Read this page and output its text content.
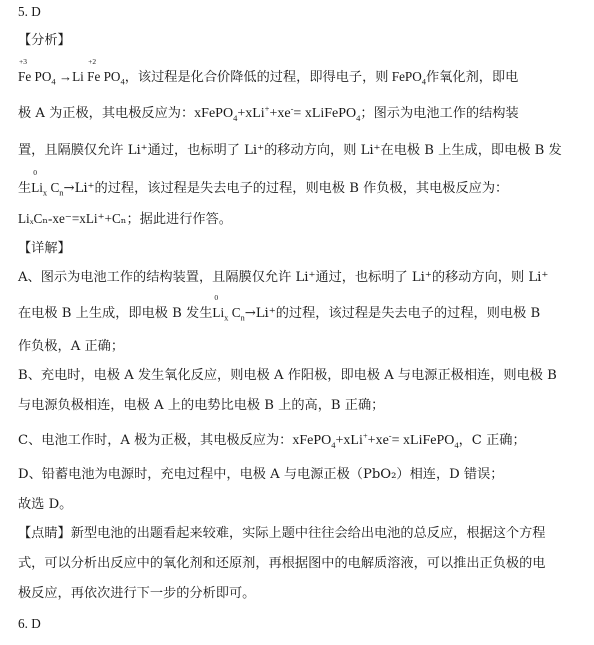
5. D
【分析】
+3
Fe $PO_4 \to Li$
+2
Fe $PO_4$，该过程是化合价降低的过程，即得电子，则 FePO$_4$作氧化剂，即电
极 A 为正极，其电极反应为：xFePO$_4$+xLi++xe-= xLiFePO$_4$；图示为电池工作的结构装
置，且隔膜仅允许 Li⁺通过，也标明了 Li⁺的移动方向，则 Li⁺在电极 B 上生成，即电极 B 发
生
0
$Li_x$ $C_n\to Li^+$的过程，该过程是失去电子的过程，则电极 B 作负极，其电极反应为：
LiₓCₙ-xe⁻=xLi⁺+Cₙ；据此进行作答。
【详解】
A、图示为电池工作的结构装置，且隔膜仅允许 Li⁺通过，也标明了 Li⁺的移动方向，则 Li⁺
在电极 B 上生成，即电极 B 发生
0
$Li_x$ $C_n\to Li^+$的过程，该过程是失去电子的过程，则电极 B
作负极，A 正确；
B、充电时，电极 A 发生氧化反应，则电极 A 作阳极，即电极 A 与电源正极相连，则电极 B
与电源负极相连，电极 A 上的电势比电极 B 上的高，B 正确；
C、电池工作时，A 极为正极，其电极反应为：xFePO$_4$+xLi++xe-= xLiFePO$_4$，C 正确；
D、铅蓄电池为电源时，充电过程中，电极 A 与电源正极（PbO₂）相连，D 错误；
故选 D。
【点睛】新型电池的出题看起来较难，实际上题中往往会给出电池的总反应，根据这个方程
式，可以分析出反应中的氧化剂和还原剂，再根据图中的电解质溶液，可以推出正负极的电
极反应，再依次进行下一步的分析即可。
6. D
